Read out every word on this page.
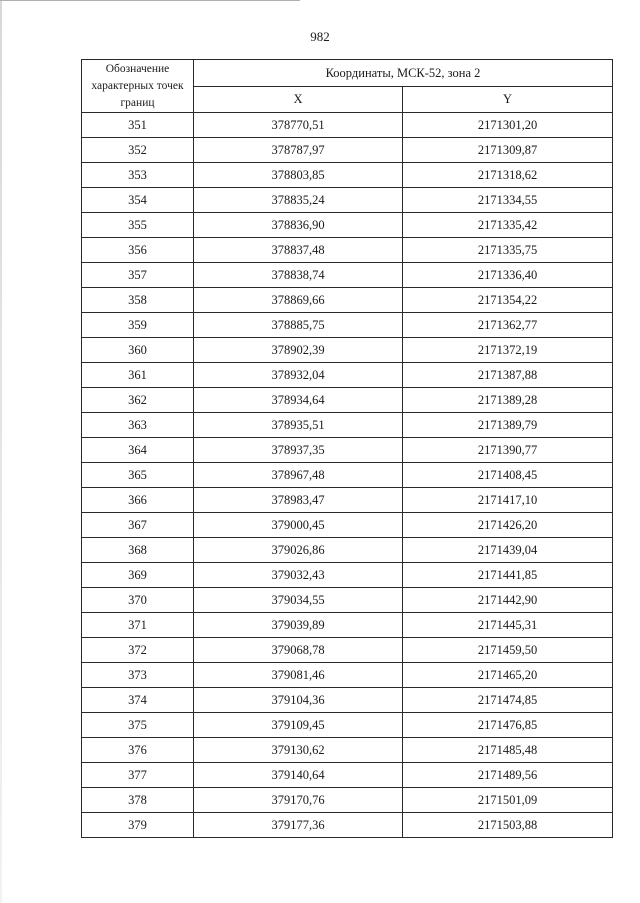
982
Обозначение характерных точек границ	Координаты, МСК-52, зона 2	
	X	Y
351	378770,51	2171301,20
352	378787,97	2171309,87
353	378803,85	2171318,62
354	378835,24	2171334,55
355	378836,90	2171335,42
356	378837,48	2171335,75
357	378838,74	2171336,40
358	378869,66	2171354,22
359	378885,75	2171362,77
360	378902,39	2171372,19
361	378932,04	2171387,88
362	378934,64	2171389,28
363	378935,51	2171389,79
364	378937,35	2171390,77
365	378967,48	2171408,45
366	378983,47	2171417,10
367	379000,45	2171426,20
368	379026,86	2171439,04
369	379032,43	2171441,85
370	379034,55	2171442,90
371	379039,89	2171445,31
372	379068,78	2171459,50
373	379081,46	2171465,20
374	379104,36	2171474,85
375	379109,45	2171476,85
376	379130,62	2171485,48
377	379140,64	2171489,56
378	379170,76	2171501,09
379	379177,36	2171503,88
